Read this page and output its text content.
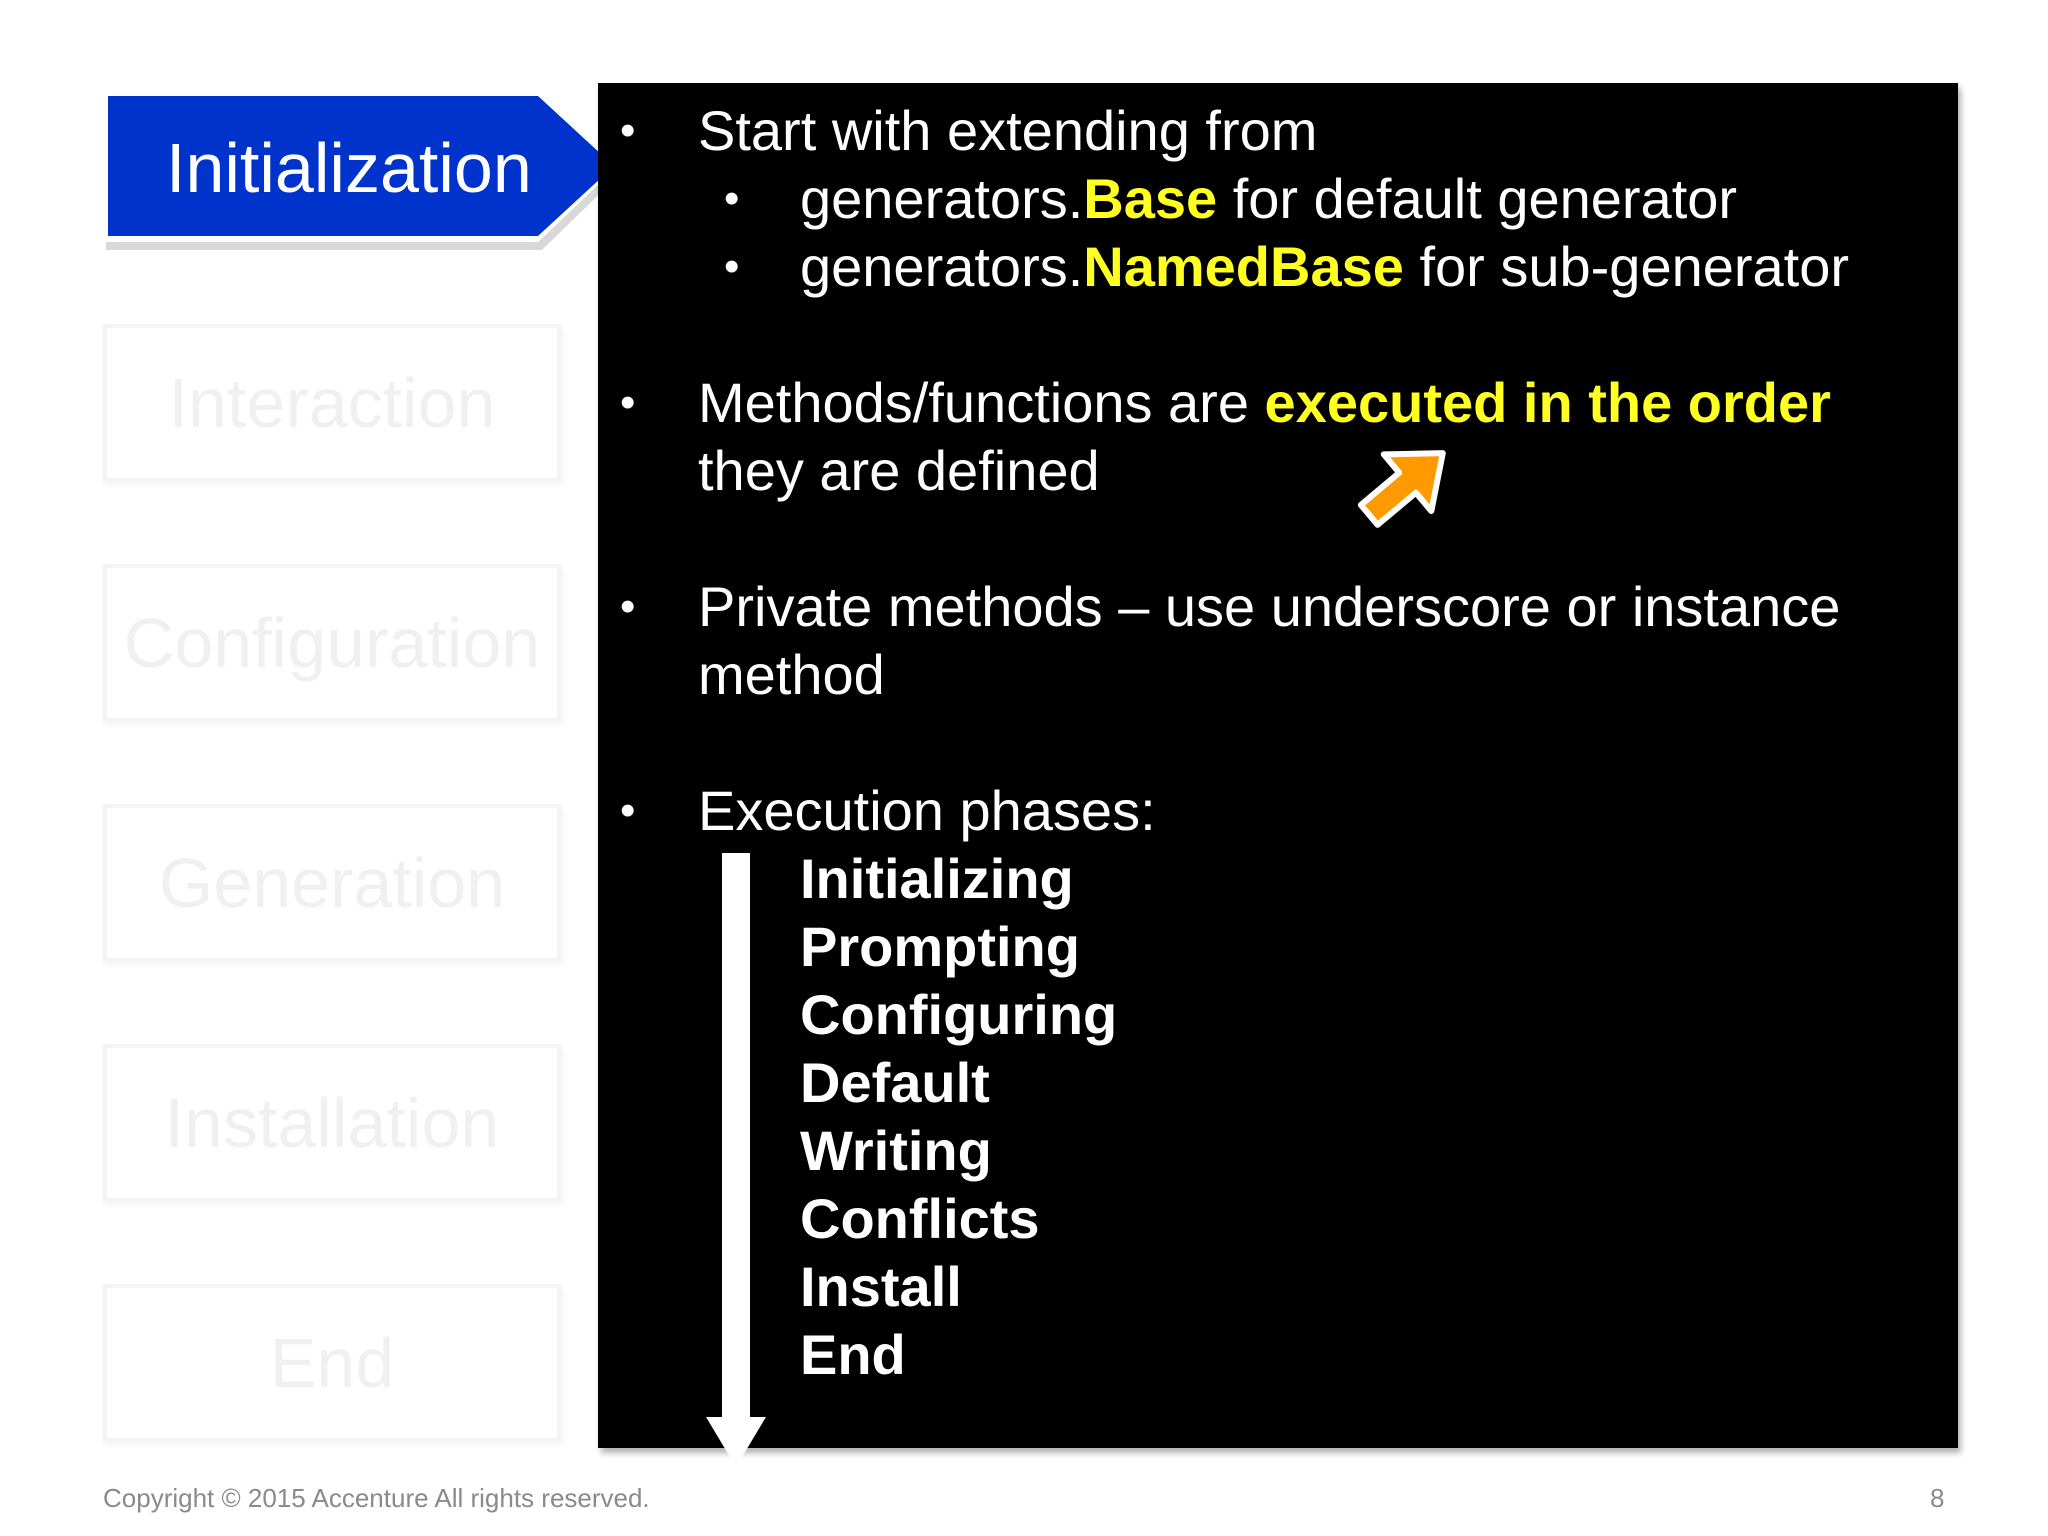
Initialization
Interaction
Configuration
Generation
Installation
End
• Start with extending from
• generators.Base for default generator
• generators.NamedBase for sub-generator
• Methods/functions are executed in the order
they are defined
• Private methods – use underscore or instance
method
• Execution phases:
Initializing
Prompting
Configuring
Default
Writing
Conflicts
Install
End
Copyright © 2015 Accenture All rights reserved.	8
